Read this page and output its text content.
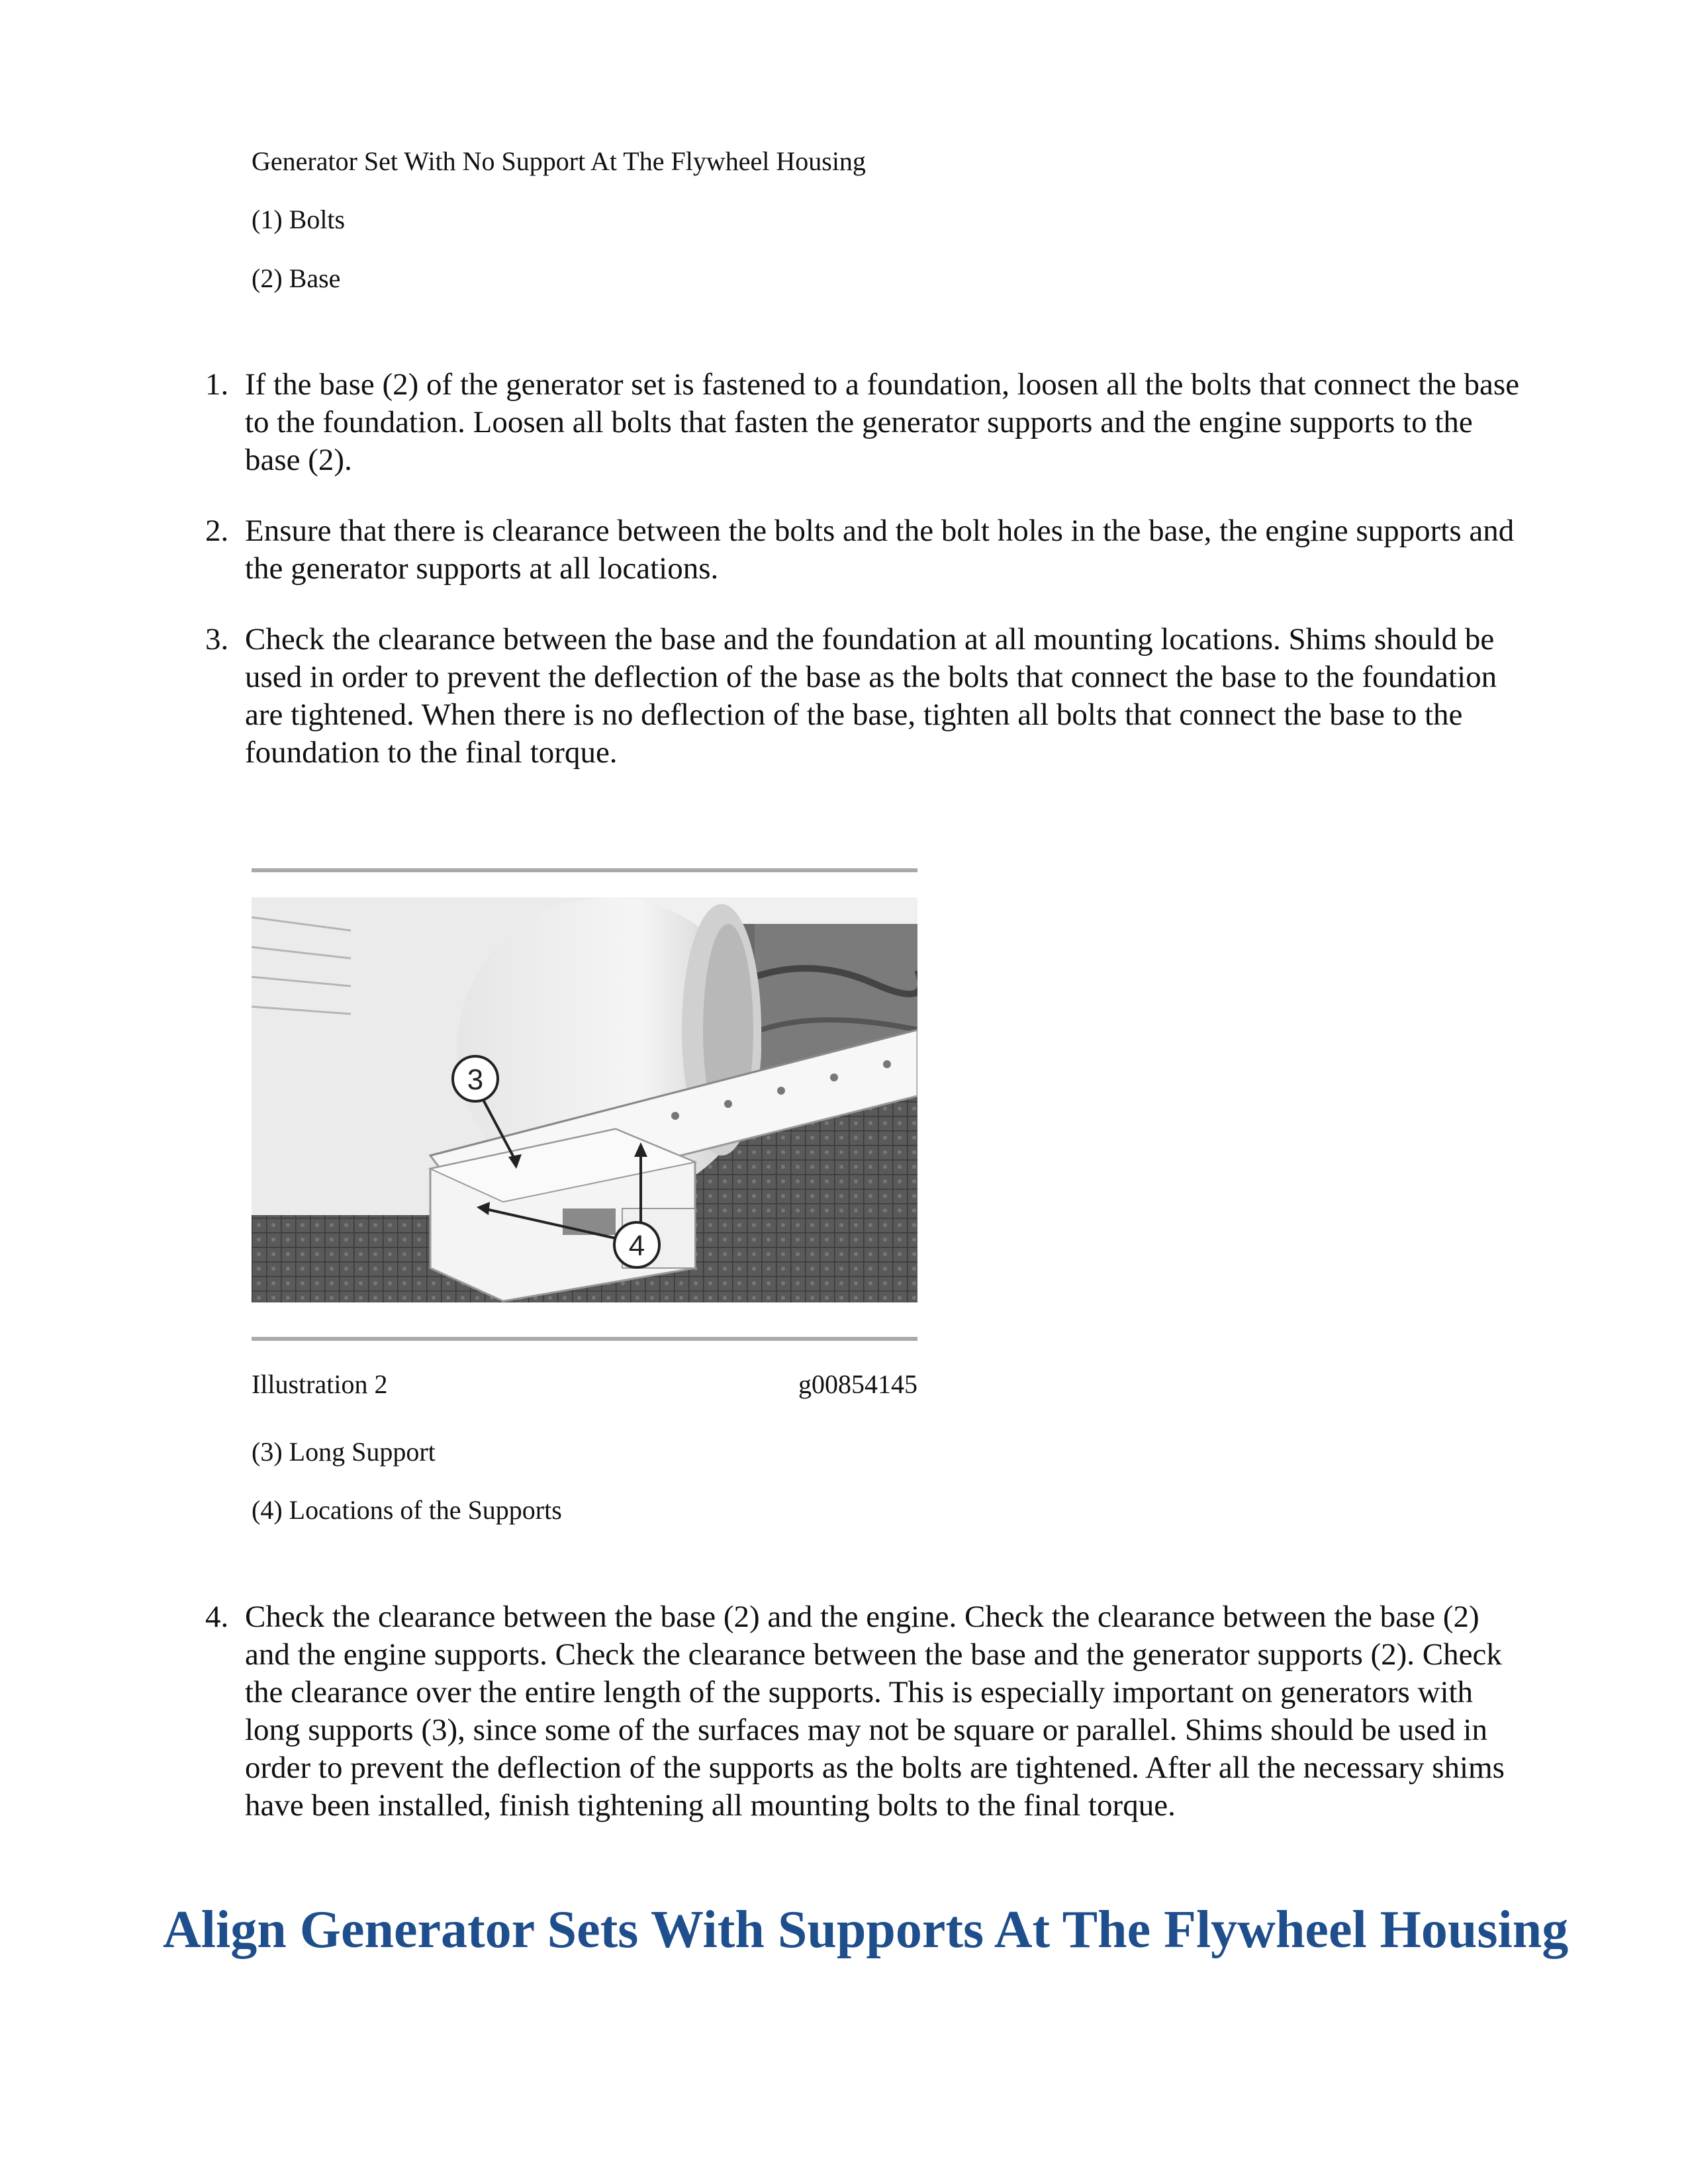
Generator Set With No Support At The Flywheel Housing

(1) Bolts

(2) Base

1. If the base (2) of the generator set is fastened to a foundation, loosen all the bolts that connect the base to the foundation. Loosen all bolts that fasten the generator supports and the engine supports to the base (2).
2. Ensure that there is clearance between the bolts and the bolt holes in the base, the engine supports and the generator supports at all locations.
3. Check the clearance between the base and the foundation at all mounting locations. Shims should be used in order to prevent the deflection of the base as the bolts that connect the base to the foundation are tightened. When there is no deflection of the base, tighten all bolts that connect the base to the foundation to the final torque.
3
4

Illustration 2	g00854145

(3) Long Support

(4) Locations of the Supports

4. Check the clearance between the base (2) and the engine. Check the clearance between the base (2) and the engine supports. Check the clearance between the base and the generator supports (2). Check the clearance over the entire length of the supports. This is especially important on generators with long supports (3), since some of the surfaces may not be square or parallel. Shims should be used in order to prevent the deflection of the supports as the bolts are tightened. After all the necessary shims have been installed, finish tightening all mounting bolts to the final torque.
Align Generator Sets With Supports At The Flywheel Housing
